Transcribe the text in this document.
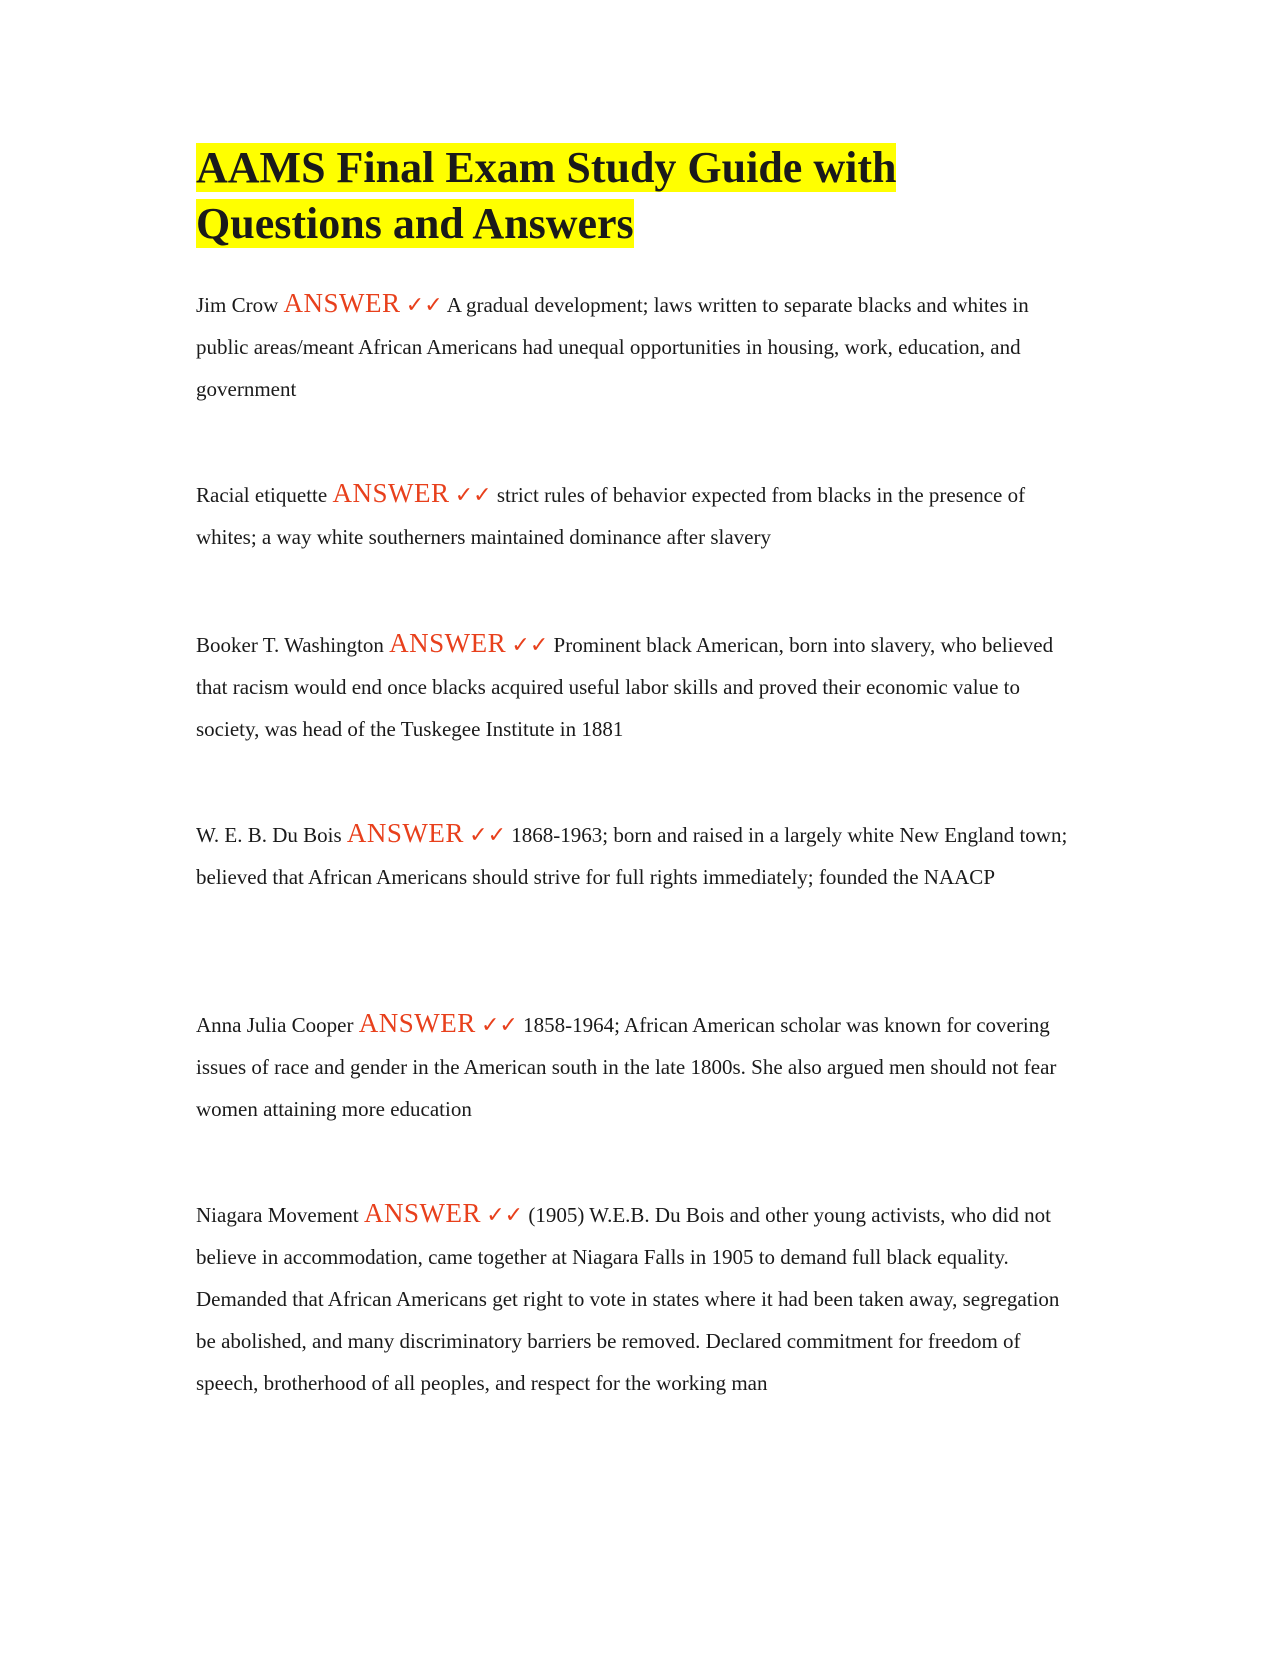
AAMS Final Exam Study Guide with
Questions and Answers

Jim Crow ANSWER ✓✓ A gradual development; laws written to separate blacks and whites in public areas/meant African Americans had unequal opportunities in housing, work, education, and government

Racial etiquette ANSWER ✓✓ strict rules of behavior expected from blacks in the presence of whites; a way white southerners maintained dominance after slavery

Booker T. Washington ANSWER ✓✓ Prominent black American, born into slavery, who believed that racism would end once blacks acquired useful labor skills and proved their economic value to society, was head of the Tuskegee Institute in 1881

W. E. B. Du Bois ANSWER ✓✓ 1868-1963; born and raised in a largely white New England town; believed that African Americans should strive for full rights immediately; founded the NAACP

Anna Julia Cooper ANSWER ✓✓ 1858-1964; African American scholar was known for covering issues of race and gender in the American south in the late 1800s. She also argued men should not fear women attaining more education

Niagara Movement ANSWER ✓✓ (1905) W.E.B. Du Bois and other young activists, who did not believe in accommodation, came together at Niagara Falls in 1905 to demand full black equality. Demanded that African Americans get right to vote in states where it had been taken away, segregation be abolished, and many discriminatory barriers be removed. Declared commitment for freedom of speech, brotherhood of all peoples, and respect for the working man
